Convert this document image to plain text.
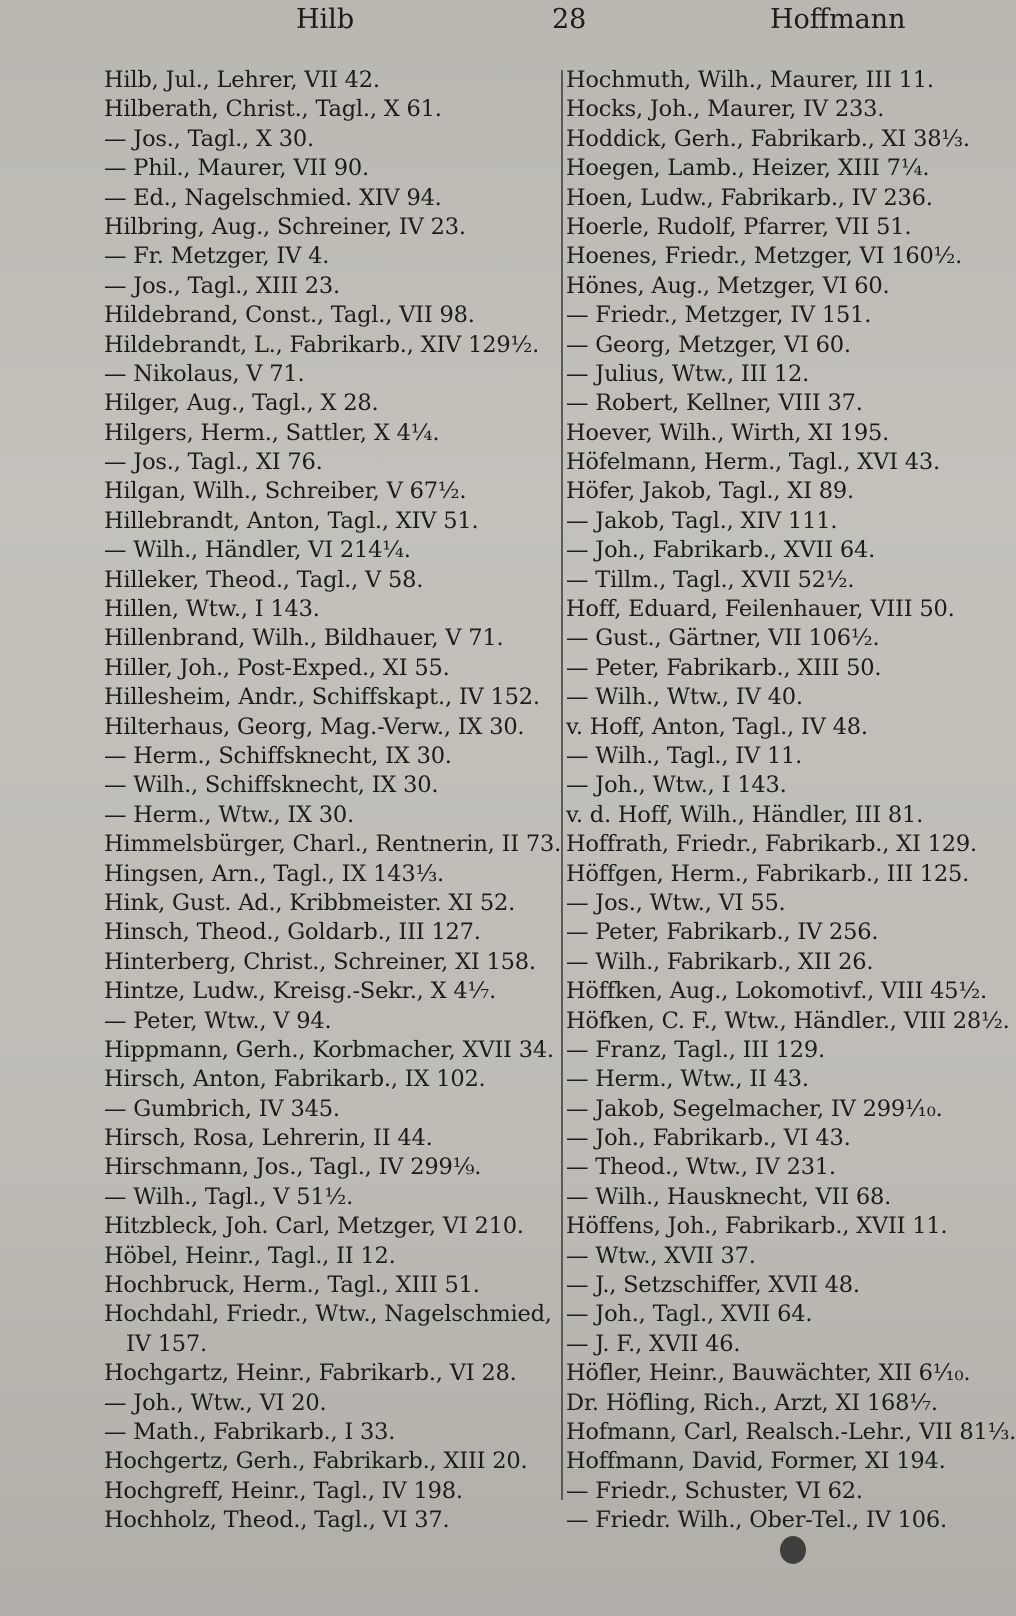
Hilb	28	Hoffmann
Hilb, Jul., Lehrer, VII 42.
Hilberath, Christ., Tagl., X 61.
— Jos., Tagl., X 30.
— Phil., Maurer, VII 90.
— Ed., Nagelschmied. XIV 94.
Hilbring, Aug., Schreiner, IV 23.
— Fr. Metzger, IV 4.
— Jos., Tagl., XIII 23.
Hildebrand, Const., Tagl., VII 98.
Hildebrandt, L., Fabrikarb., XIV 129½.
— Nikolaus, V 71.
Hilger, Aug., Tagl., X 28.
Hilgers, Herm., Sattler, X 4¼.
— Jos., Tagl., XI 76.
Hilgan, Wilh., Schreiber, V 67½.
Hillebrandt, Anton, Tagl., XIV 51.
— Wilh., Händler, VI 214¼.
Hilleker, Theod., Tagl., V 58.
Hillen, Wtw., I 143.
Hillenbrand, Wilh., Bildhauer, V 71.
Hiller, Joh., Post-Exped., XI 55.
Hillesheim, Andr., Schiffskapt., IV 152.
Hilterhaus, Georg, Mag.-Verw., IX 30.
— Herm., Schiffsknecht, IX 30.
— Wilh., Schiffsknecht, IX 30.
— Herm., Wtw., IX 30.
Himmelsbürger, Charl., Rentnerin, II 73.
Hingsen, Arn., Tagl., IX 143⅓.
Hink, Gust. Ad., Kribbmeister. XI 52.
Hinsch, Theod., Goldarb., III 127.
Hinterberg, Christ., Schreiner, XI 158.
Hintze, Ludw., Kreisg.-Sekr., X 4⅐.
— Peter, Wtw., V 94.
Hippmann, Gerh., Korbmacher, XVII 34.
Hirsch, Anton, Fabrikarb., IX 102.
— Gumbrich, IV 345.
Hirsch, Rosa, Lehrerin, II 44.
Hirschmann, Jos., Tagl., IV 299⅑.
— Wilh., Tagl., V 51½.
Hitzbleck, Joh. Carl, Metzger, VI 210.
Höbel, Heinr., Tagl., II 12.
Hochbruck, Herm., Tagl., XIII 51.
Hochdahl, Friedr., Wtw., Nagelschmied,
IV 157.
Hochgartz, Heinr., Fabrikarb., VI 28.
— Joh., Wtw., VI 20.
— Math., Fabrikarb., I 33.
Hochgertz, Gerh., Fabrikarb., XIII 20.
Hochgreff, Heinr., Tagl., IV 198.
Hochholz, Theod., Tagl., VI 37.
Hochmuth, Wilh., Maurer, III 11.
Hocks, Joh., Maurer, IV 233.
Hoddick, Gerh., Fabrikarb., XI 38⅓.
Hoegen, Lamb., Heizer, XIII 7¼.
Hoen, Ludw., Fabrikarb., IV 236.
Hoerle, Rudolf, Pfarrer, VII 51.
Hoenes, Friedr., Metzger, VI 160½.
Hönes, Aug., Metzger, VI 60.
— Friedr., Metzger, IV 151.
— Georg, Metzger, VI 60.
— Julius, Wtw., III 12.
— Robert, Kellner, VIII 37.
Hoever, Wilh., Wirth, XI 195.
Höfelmann, Herm., Tagl., XVI 43.
Höfer, Jakob, Tagl., XI 89.
— Jakob, Tagl., XIV 111.
— Joh., Fabrikarb., XVII 64.
— Tillm., Tagl., XVII 52½.
Hoff, Eduard, Feilenhauer, VIII 50.
— Gust., Gärtner, VII 106½.
— Peter, Fabrikarb., XIII 50.
— Wilh., Wtw., IV 40.
v. Hoff, Anton, Tagl., IV 48.
— Wilh., Tagl., IV 11.
— Joh., Wtw., I 143.
v. d. Hoff, Wilh., Händler, III 81.
Hoffrath, Friedr., Fabrikarb., XI 129.
Höffgen, Herm., Fabrikarb., III 125.
— Jos., Wtw., VI 55.
— Peter, Fabrikarb., IV 256.
— Wilh., Fabrikarb., XII 26.
Höffken, Aug., Lokomotivf., VIII 45½.
Höfken, C. F., Wtw., Händler., VIII 28½.
— Franz, Tagl., III 129.
— Herm., Wtw., II 43.
— Jakob, Segelmacher, IV 299⅒.
— Joh., Fabrikarb., VI 43.
— Theod., Wtw., IV 231.
— Wilh., Hausknecht, VII 68.
Höffens, Joh., Fabrikarb., XVII 11.
— Wtw., XVII 37.
— J., Setzschiffer, XVII 48.
— Joh., Tagl., XVII 64.
— J. F., XVII 46.
Höfler, Heinr., Bauwächter, XII 6⅒.
Dr. Höfling, Rich., Arzt, XI 168⅐.
Hofmann, Carl, Realsch.-Lehr., VII 81⅓.
Hoffmann, David, Former, XI 194.
— Friedr., Schuster, VI 62.
— Friedr. Wilh., Ober-Tel., IV 106.
